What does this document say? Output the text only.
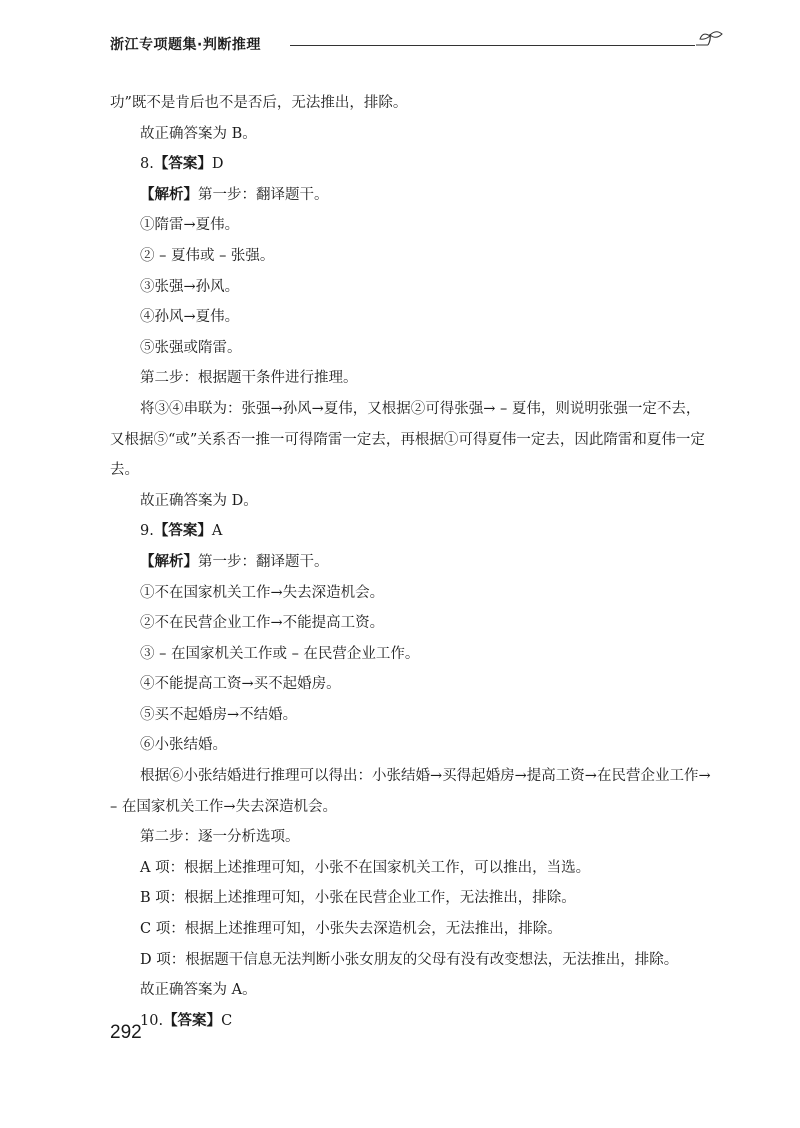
浙江专项题集·判断推理

功”既不是肯后也不是否后，无法推出，排除。

故正确答案为 B。

8.【答案】D

【解析】第一步：翻译题干。

①隋雷→夏伟。

② – 夏伟或 – 张强。

③张强→孙风。

④孙风→夏伟。

⑤张强或隋雷。

第二步：根据题干条件进行推理。

将③④串联为：张强→孙风→夏伟，又根据②可得张强→ – 夏伟，则说明张强一定不去，又根据⑤“或”关系否一推一可得隋雷一定去，再根据①可得夏伟一定去，因此隋雷和夏伟一定去。

故正确答案为 D。

9.【答案】A

【解析】第一步：翻译题干。

①不在国家机关工作→失去深造机会。

②不在民营企业工作→不能提高工资。

③ – 在国家机关工作或 – 在民营企业工作。

④不能提高工资→买不起婚房。

⑤买不起婚房→不结婚。

⑥小张结婚。

根据⑥小张结婚进行推理可以得出：小张结婚→买得起婚房→提高工资→在民营企业工作→ – 在国家机关工作→失去深造机会。

第二步：逐一分析选项。

A 项：根据上述推理可知，小张不在国家机关工作，可以推出，当选。

B 项：根据上述推理可知，小张在民营企业工作，无法推出，排除。

C 项：根据上述推理可知，小张失去深造机会，无法推出，排除。

D 项：根据题干信息无法判断小张女朋友的父母有没有改变想法，无法推出，排除。

故正确答案为 A。

10.【答案】C

292
